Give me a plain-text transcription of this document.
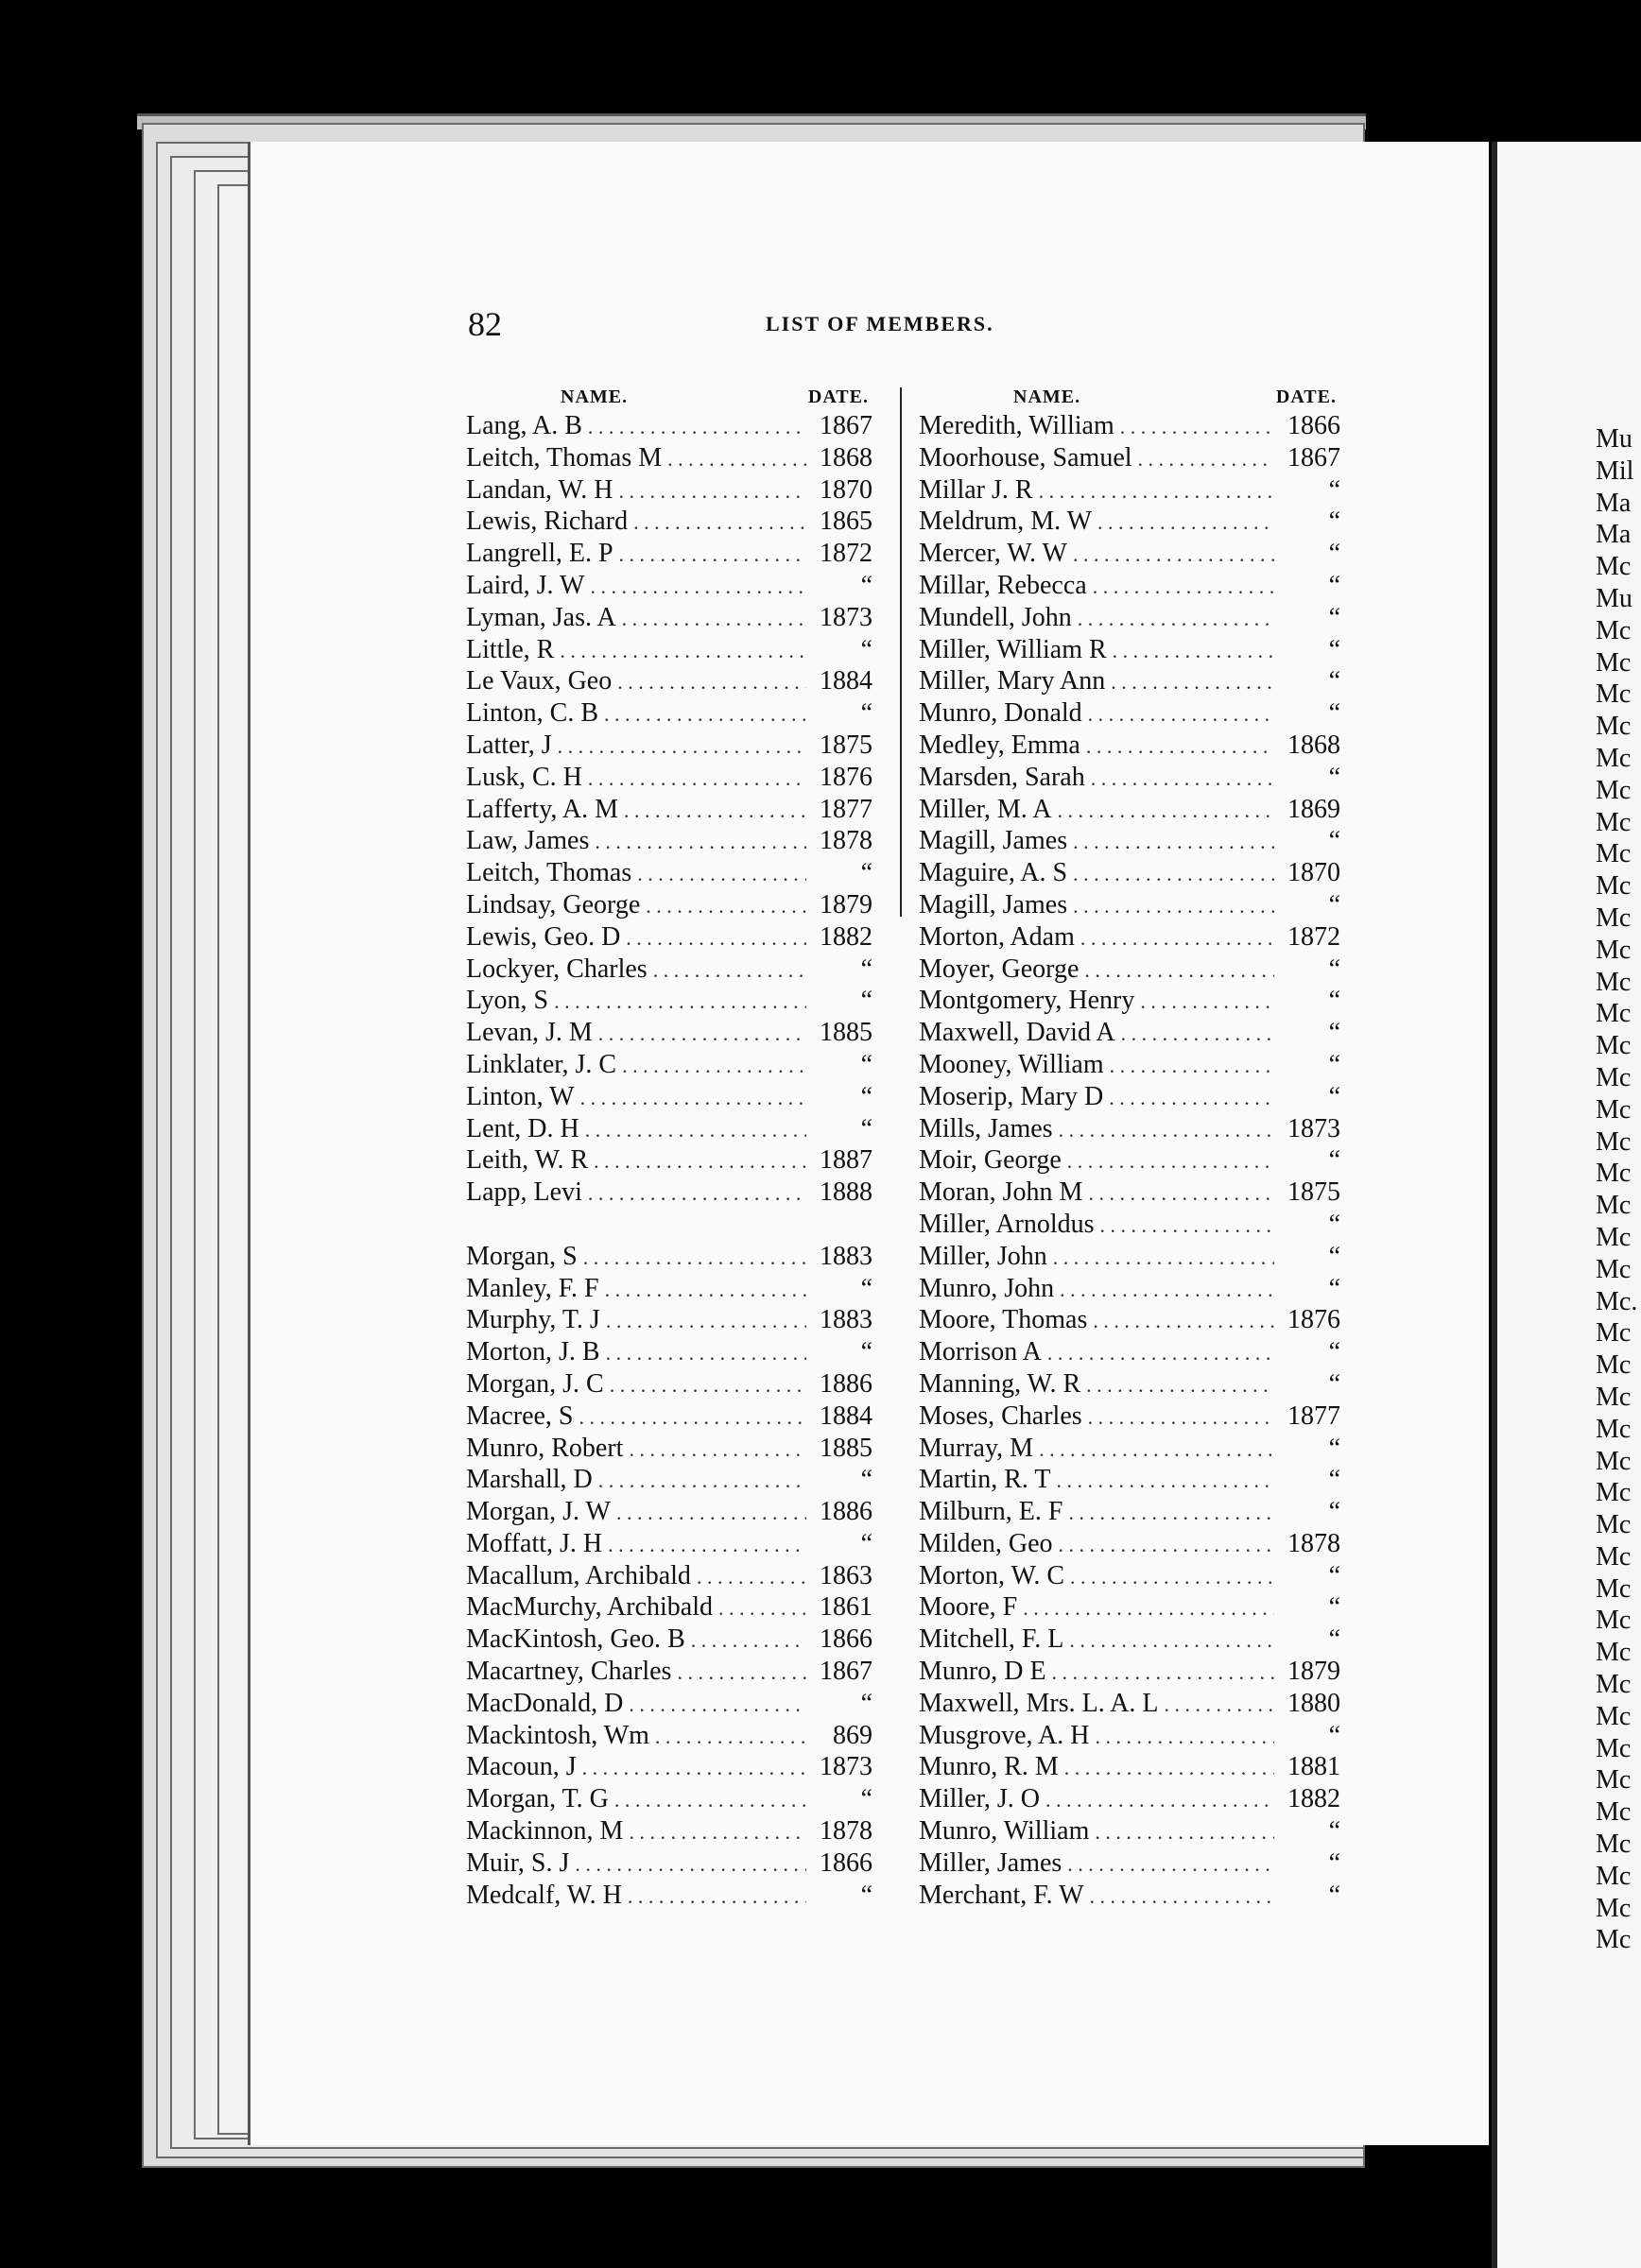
82	LIST OF MEMBERS.
NAME.	DATE.
Lang, A. B . . .	1867
Leitch, Thomas M . . .	1868
Landan, W. H . . .	1870
Lewis, Richard . . .	1865
Langrell, E. P . . .	1872
Laird, J. W . . .	“
Lyman, Jas. A . . .	1873
Little, R . . .	“
Le Vaux, Geo . . .	1884
Linton, C. B . . .	“
Latter, J . . .	1875
Lusk, C. H . . .	1876
Lafferty, A. M . . .	1877
Law, James . . .	1878
Leitch, Thomas . . .	“
Lindsay, George . . .	1879
Lewis, Geo. D . . .	1882
Lockyer, Charles . . .	“
Lyon, S . . .	“
Levan, J. M . . .	1885
Linklater, J. C . . .	“
Linton, W . . .	“
Lent, D. H . . .	“
Leith, W. R . . .	1887
Lapp, Levi . . .	1888
Morgan, S . . .	1883
Manley, F. F . . .	“
Murphy, T. J . . .	1883
Morton, J. B . . .	“
Morgan, J. C . . .	1886
Macree, S . . .	1884
Munro, Robert . . .	1885
Marshall, D . . .	“
Morgan, J. W . . .	1886
Moffatt, J. H . . .	“
Macallum, Archibald . . .	1863
MacMurchy, Archibald . . .	1861
MacKintosh, Geo. B . . .	1866
Macartney, Charles . . .	1867
MacDonald, D . . .	“
Mackintosh, Wm . . .	869
Macoun, J . . .	1873
Morgan, T. G . . .	“
Mackinnon, M . . .	1878
Muir, S. J . . .	1866
Medcalf, W. H . . .	“
NAME.	DATE.
Meredith, William . . .	1866
Moorhouse, Samuel . . .	1867
Millar J. R . . .	“
Meldrum, M. W . . .	“
Mercer, W. W . . .	“
Millar, Rebecca . . .	“
Mundell, John . . .	“
Miller, William R . . .	“
Miller, Mary Ann . . .	“
Munro, Donald . . .	“
Medley, Emma . . .	1868
Marsden, Sarah . . .	“
Miller, M. A . . .	1869
Magill, James . . .	“
Maguire, A. S . . .	1870
Magill, James . . .	“
Morton, Adam . . .	1872
Moyer, George . . .	“
Montgomery, Henry . . .	“
Maxwell, David A . . .	“
Mooney, William . . .	“
Moserip, Mary D . . .	“
Mills, James . . .	1873
Moir, George . . .	“
Moran, John M . . .	1875
Miller, Arnoldus . . .	“
Miller, John . . .	“
Munro, John . . .	“
Moore, Thomas . . .	1876
Morrison A . . .	“
Manning, W. R . . .	“
Moses, Charles . . .	1877
Murray, M . . .	“
Martin, R. T . . .	“
Milburn, E. F . . .	“
Milden, Geo . . .	1878
Morton, W. C . . .	“
Moore, F . . .	“
Mitchell, F. L . . .	“
Munro, D E . . .	1879
Maxwell, Mrs. L. A. L . . .	1880
Musgrove, A. H . . .	“
Munro, R. M . . .	1881
Miller, J. O . . .	1882
Munro, William . . .	“
Miller, James . . .	“
Merchant, F. W . . .	“
Mu
Mil
Ma
Ma
Mc
Mu
Mc
Mc
Mc
Mc
Mc
Mc
Mc
Mc
Mc
Mc
Mc
Mc
Mc
Mc
Mc
Mc
Mc
Mc
Mc
Mc
Mc
Mc.
Mc
Mc
Mc
Mc
Mc
Mc
Mc
Mc
Mc
Mc
Mc
Mc
Mc
Mc
Mc
Mc
Mc
Mc
Mc
Mc
